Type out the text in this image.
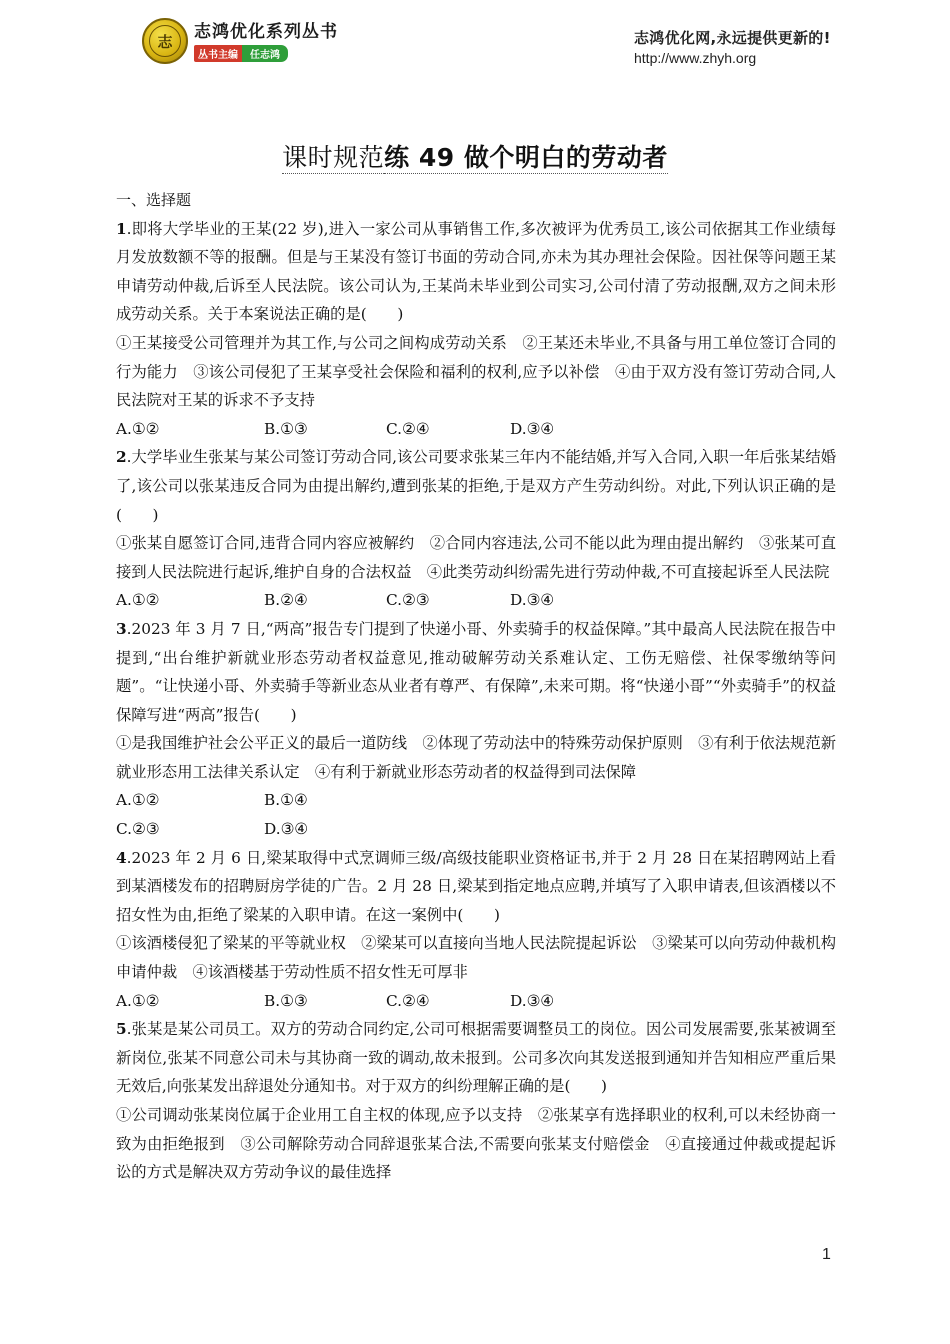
志	志鸿优化系列丛书
丛书主编	任志鸿
志鸿优化网,永远提供更新的!
http://www.zhyh.org
课时规范练 49 做个明白的劳动者

一、选择题

1.即将大学毕业的王某(22 岁),进入一家公司从事销售工作,多次被评为优秀员工,该公司依据其工作业绩每月发放数额不等的报酬。但是与王某没有签订书面的劳动合同,亦未为其办理社会保险。因社保等问题王某申请劳动仲裁,后诉至人民法院。该公司认为,王某尚未毕业到公司实习,公司付清了劳动报酬,双方之间未形成劳动关系。关于本案说法正确的是(　　)

①王某接受公司管理并为其工作,与公司之间构成劳动关系　②王某还未毕业,不具备与用工单位签订合同的行为能力　③该公司侵犯了王某享受社会保险和福利的权利,应予以补偿　④由于双方没有签订劳动合同,人民法院对王某的诉求不予支持

A.①②	B.①③	C.②④	D.③④

2.大学毕业生张某与某公司签订劳动合同,该公司要求张某三年内不能结婚,并写入合同,入职一年后张某结婚了,该公司以张某违反合同为由提出解约,遭到张某的拒绝,于是双方产生劳动纠纷。对此,下列认识正确的是(　　)

①张某自愿签订合同,违背合同内容应被解约　②合同内容违法,公司不能以此为理由提出解约　③张某可直接到人民法院进行起诉,维护自身的合法权益　④此类劳动纠纷需先进行劳动仲裁,不可直接起诉至人民法院

A.①②	B.②④	C.②③	D.③④

3.2023 年 3 月 7 日,“两高”报告专门提到了快递小哥、外卖骑手的权益保障。”其中最高人民法院在报告中提到,“出台维护新就业形态劳动者权益意见,推动破解劳动关系难认定、工伤无赔偿、社保零缴纳等问题”。“让快递小哥、外卖骑手等新业态从业者有尊严、有保障”,未来可期。将“快递小哥”“外卖骑手”的权益保障写进“两高”报告(　　)

①是我国维护社会公平正义的最后一道防线　②体现了劳动法中的特殊劳动保护原则　③有利于依法规范新就业形态用工法律关系认定　④有利于新就业形态劳动者的权益得到司法保障

A.①②	B.①④
C.②③	D.③④

4.2023 年 2 月 6 日,梁某取得中式烹调师三级/高级技能职业资格证书,并于 2 月 28 日在某招聘网站上看到某酒楼发布的招聘厨房学徒的广告。2 月 28 日,梁某到指定地点应聘,并填写了入职申请表,但该酒楼以不招女性为由,拒绝了梁某的入职申请。在这一案例中(　　)

①该酒楼侵犯了梁某的平等就业权　②梁某可以直接向当地人民法院提起诉讼　③梁某可以向劳动仲裁机构申请仲裁　④该酒楼基于劳动性质不招女性无可厚非

A.①②	B.①③	C.②④	D.③④

5.张某是某公司员工。双方的劳动合同约定,公司可根据需要调整员工的岗位。因公司发展需要,张某被调至新岗位,张某不同意公司未与其协商一致的调动,故未报到。公司多次向其发送报到通知并告知相应严重后果无效后,向张某发出辞退处分通知书。对于双方的纠纷理解正确的是(　　)

①公司调动张某岗位属于企业用工自主权的体现,应予以支持　②张某享有选择职业的权利,可以未经协商一致为由拒绝报到　③公司解除劳动合同辞退张某合法,不需要向张某支付赔偿金　④直接通过仲裁或提起诉讼的方式是解决双方劳动争议的最佳选择

1
